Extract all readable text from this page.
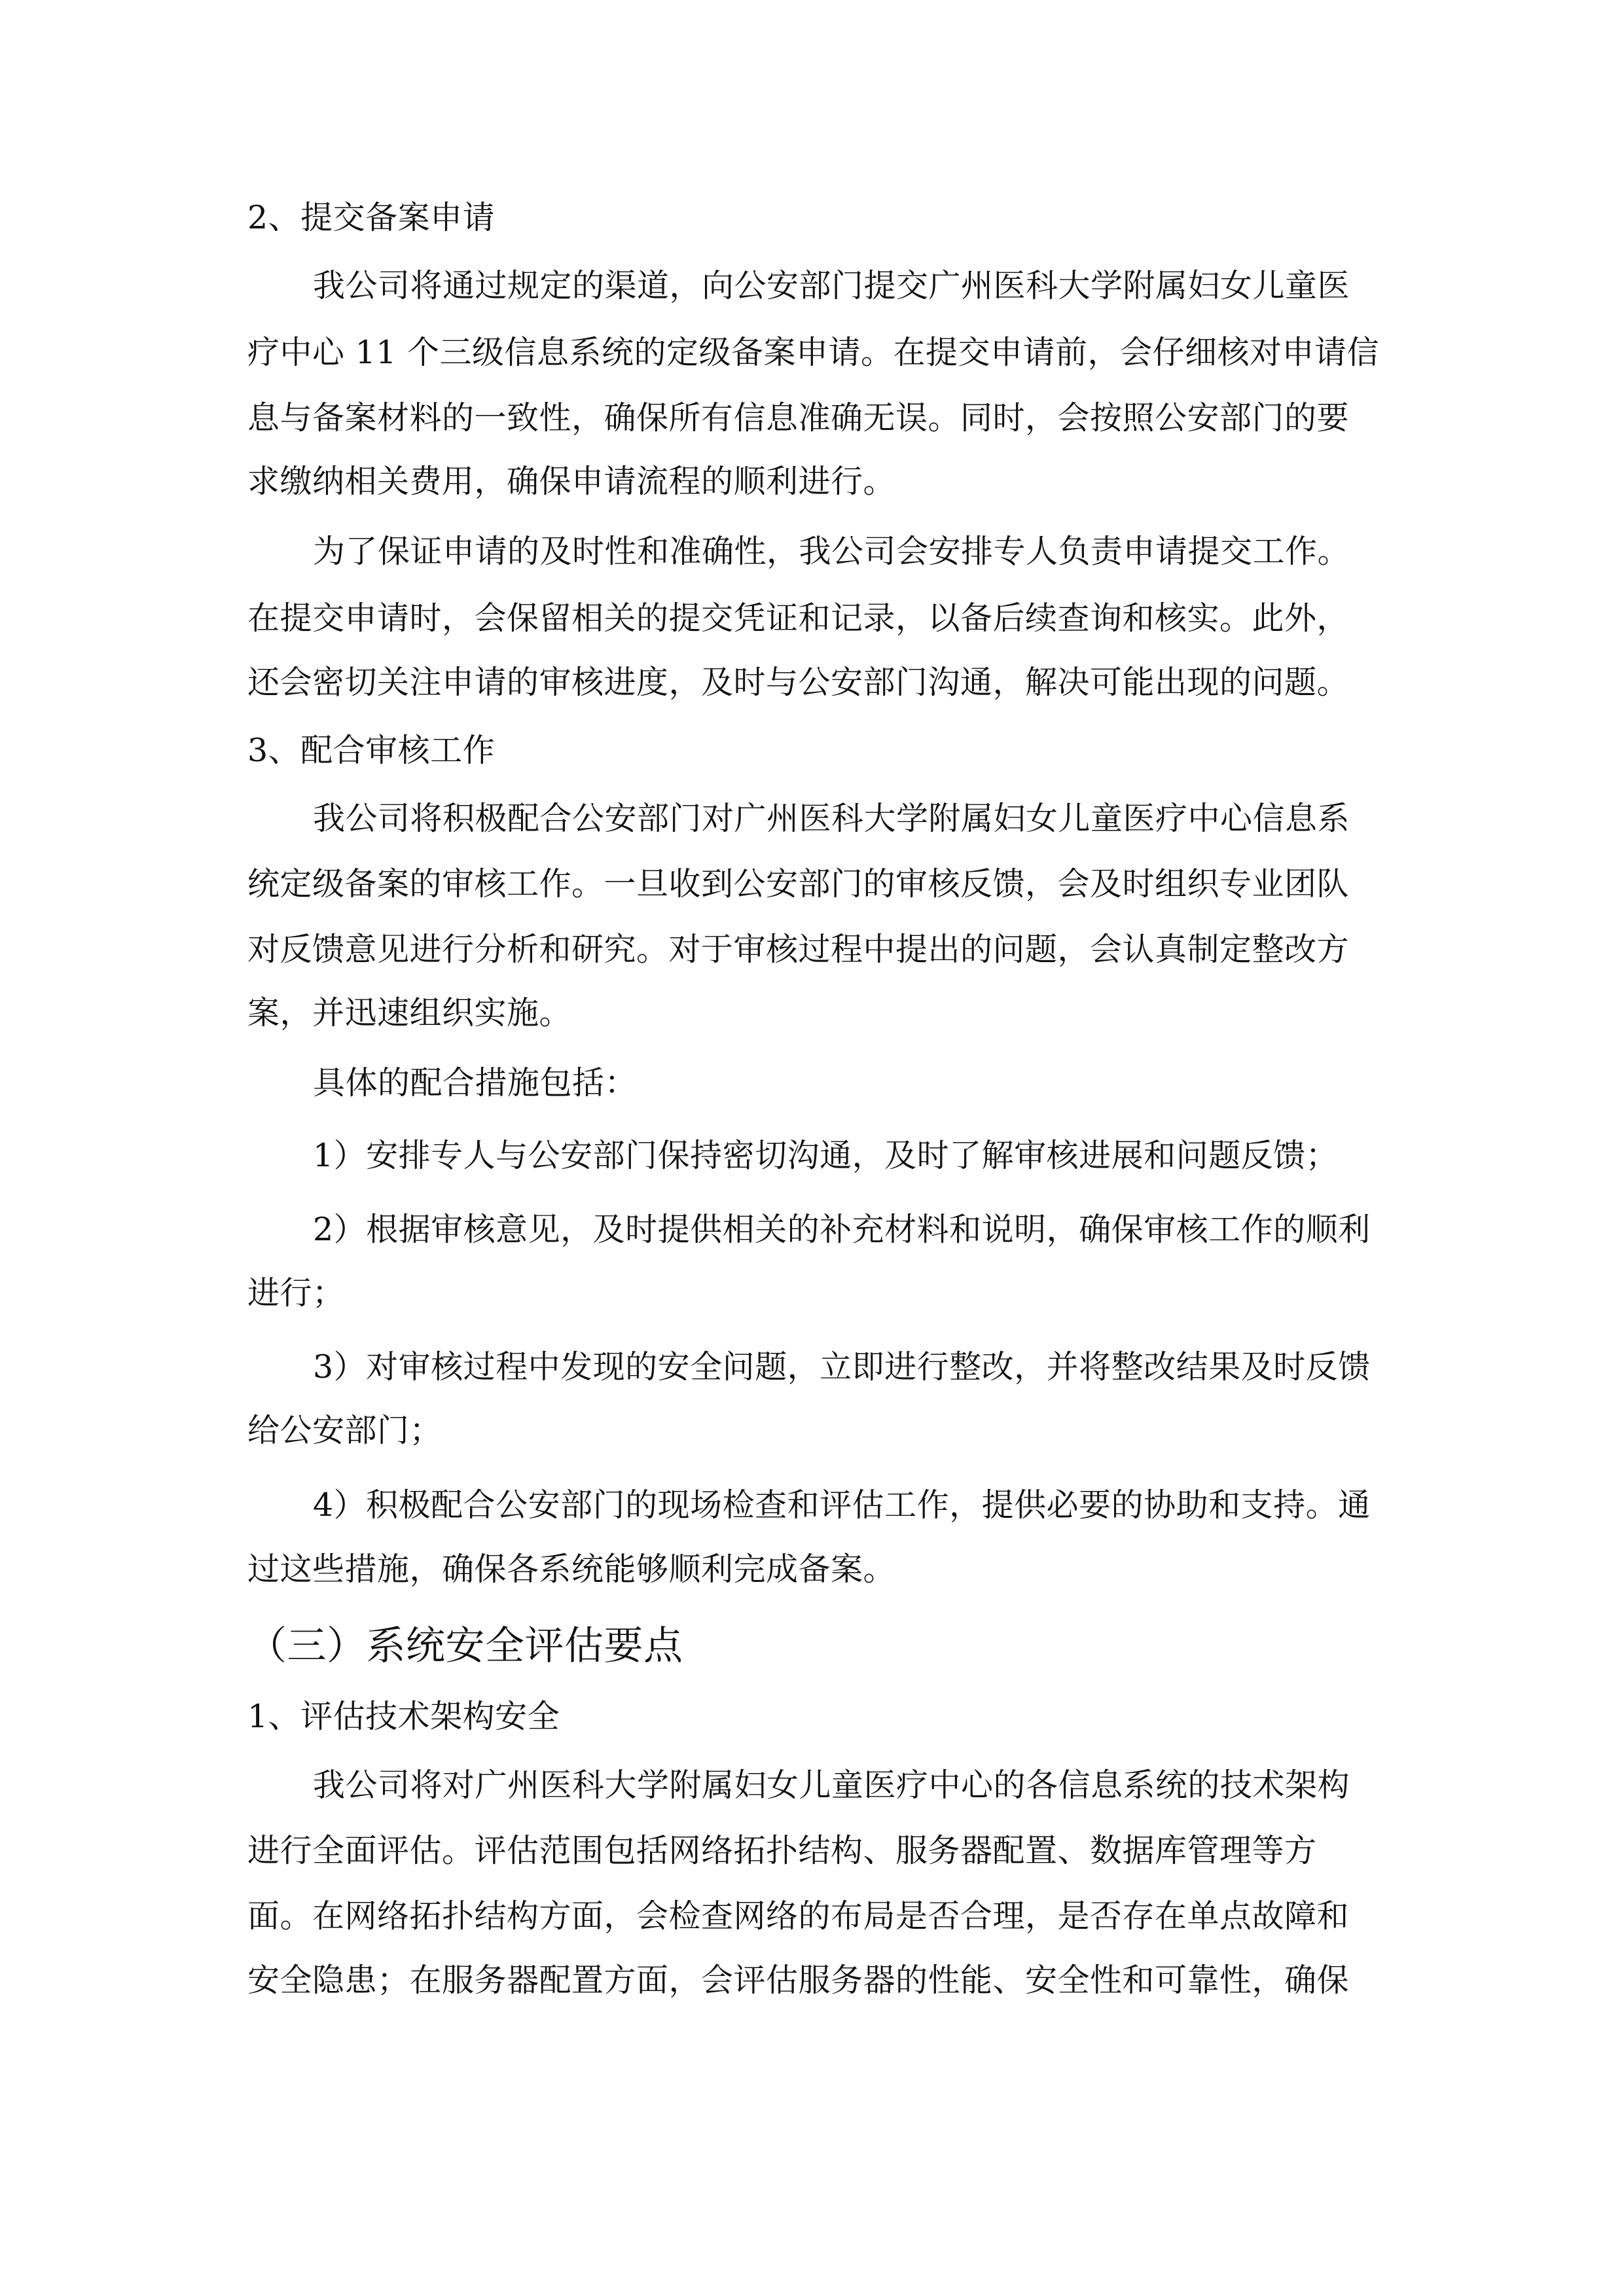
2、提交备案申请
我公司将通过规定的渠道，向公安部门提交广州医科大学附属妇女儿童医
疗中心 11 个三级信息系统的定级备案申请。在提交申请前，会仔细核对申请信
息与备案材料的一致性，确保所有信息准确无误。同时，会按照公安部门的要
求缴纳相关费用，确保申请流程的顺利进行。
为了保证申请的及时性和准确性，我公司会安排专人负责申请提交工作。
在提交申请时，会保留相关的提交凭证和记录，以备后续查询和核实。此外，
还会密切关注申请的审核进度，及时与公安部门沟通，解决可能出现的问题。
3、配合审核工作
我公司将积极配合公安部门对广州医科大学附属妇女儿童医疗中心信息系
统定级备案的审核工作。一旦收到公安部门的审核反馈，会及时组织专业团队
对反馈意见进行分析和研究。对于审核过程中提出的问题，会认真制定整改方
案，并迅速组织实施。
具体的配合措施包括：
1）安排专人与公安部门保持密切沟通，及时了解审核进展和问题反馈；
2）根据审核意见，及时提供相关的补充材料和说明，确保审核工作的顺利
进行；
3）对审核过程中发现的安全问题，立即进行整改，并将整改结果及时反馈
给公安部门；
4）积极配合公安部门的现场检查和评估工作，提供必要的协助和支持。通
过这些措施，确保各系统能够顺利完成备案。
（三）系统安全评估要点
1、评估技术架构安全
我公司将对广州医科大学附属妇女儿童医疗中心的各信息系统的技术架构
进行全面评估。评估范围包括网络拓扑结构、服务器配置、数据库管理等方
面。在网络拓扑结构方面，会检查网络的布局是否合理，是否存在单点故障和
安全隐患；在服务器配置方面，会评估服务器的性能、安全性和可靠性，确保
